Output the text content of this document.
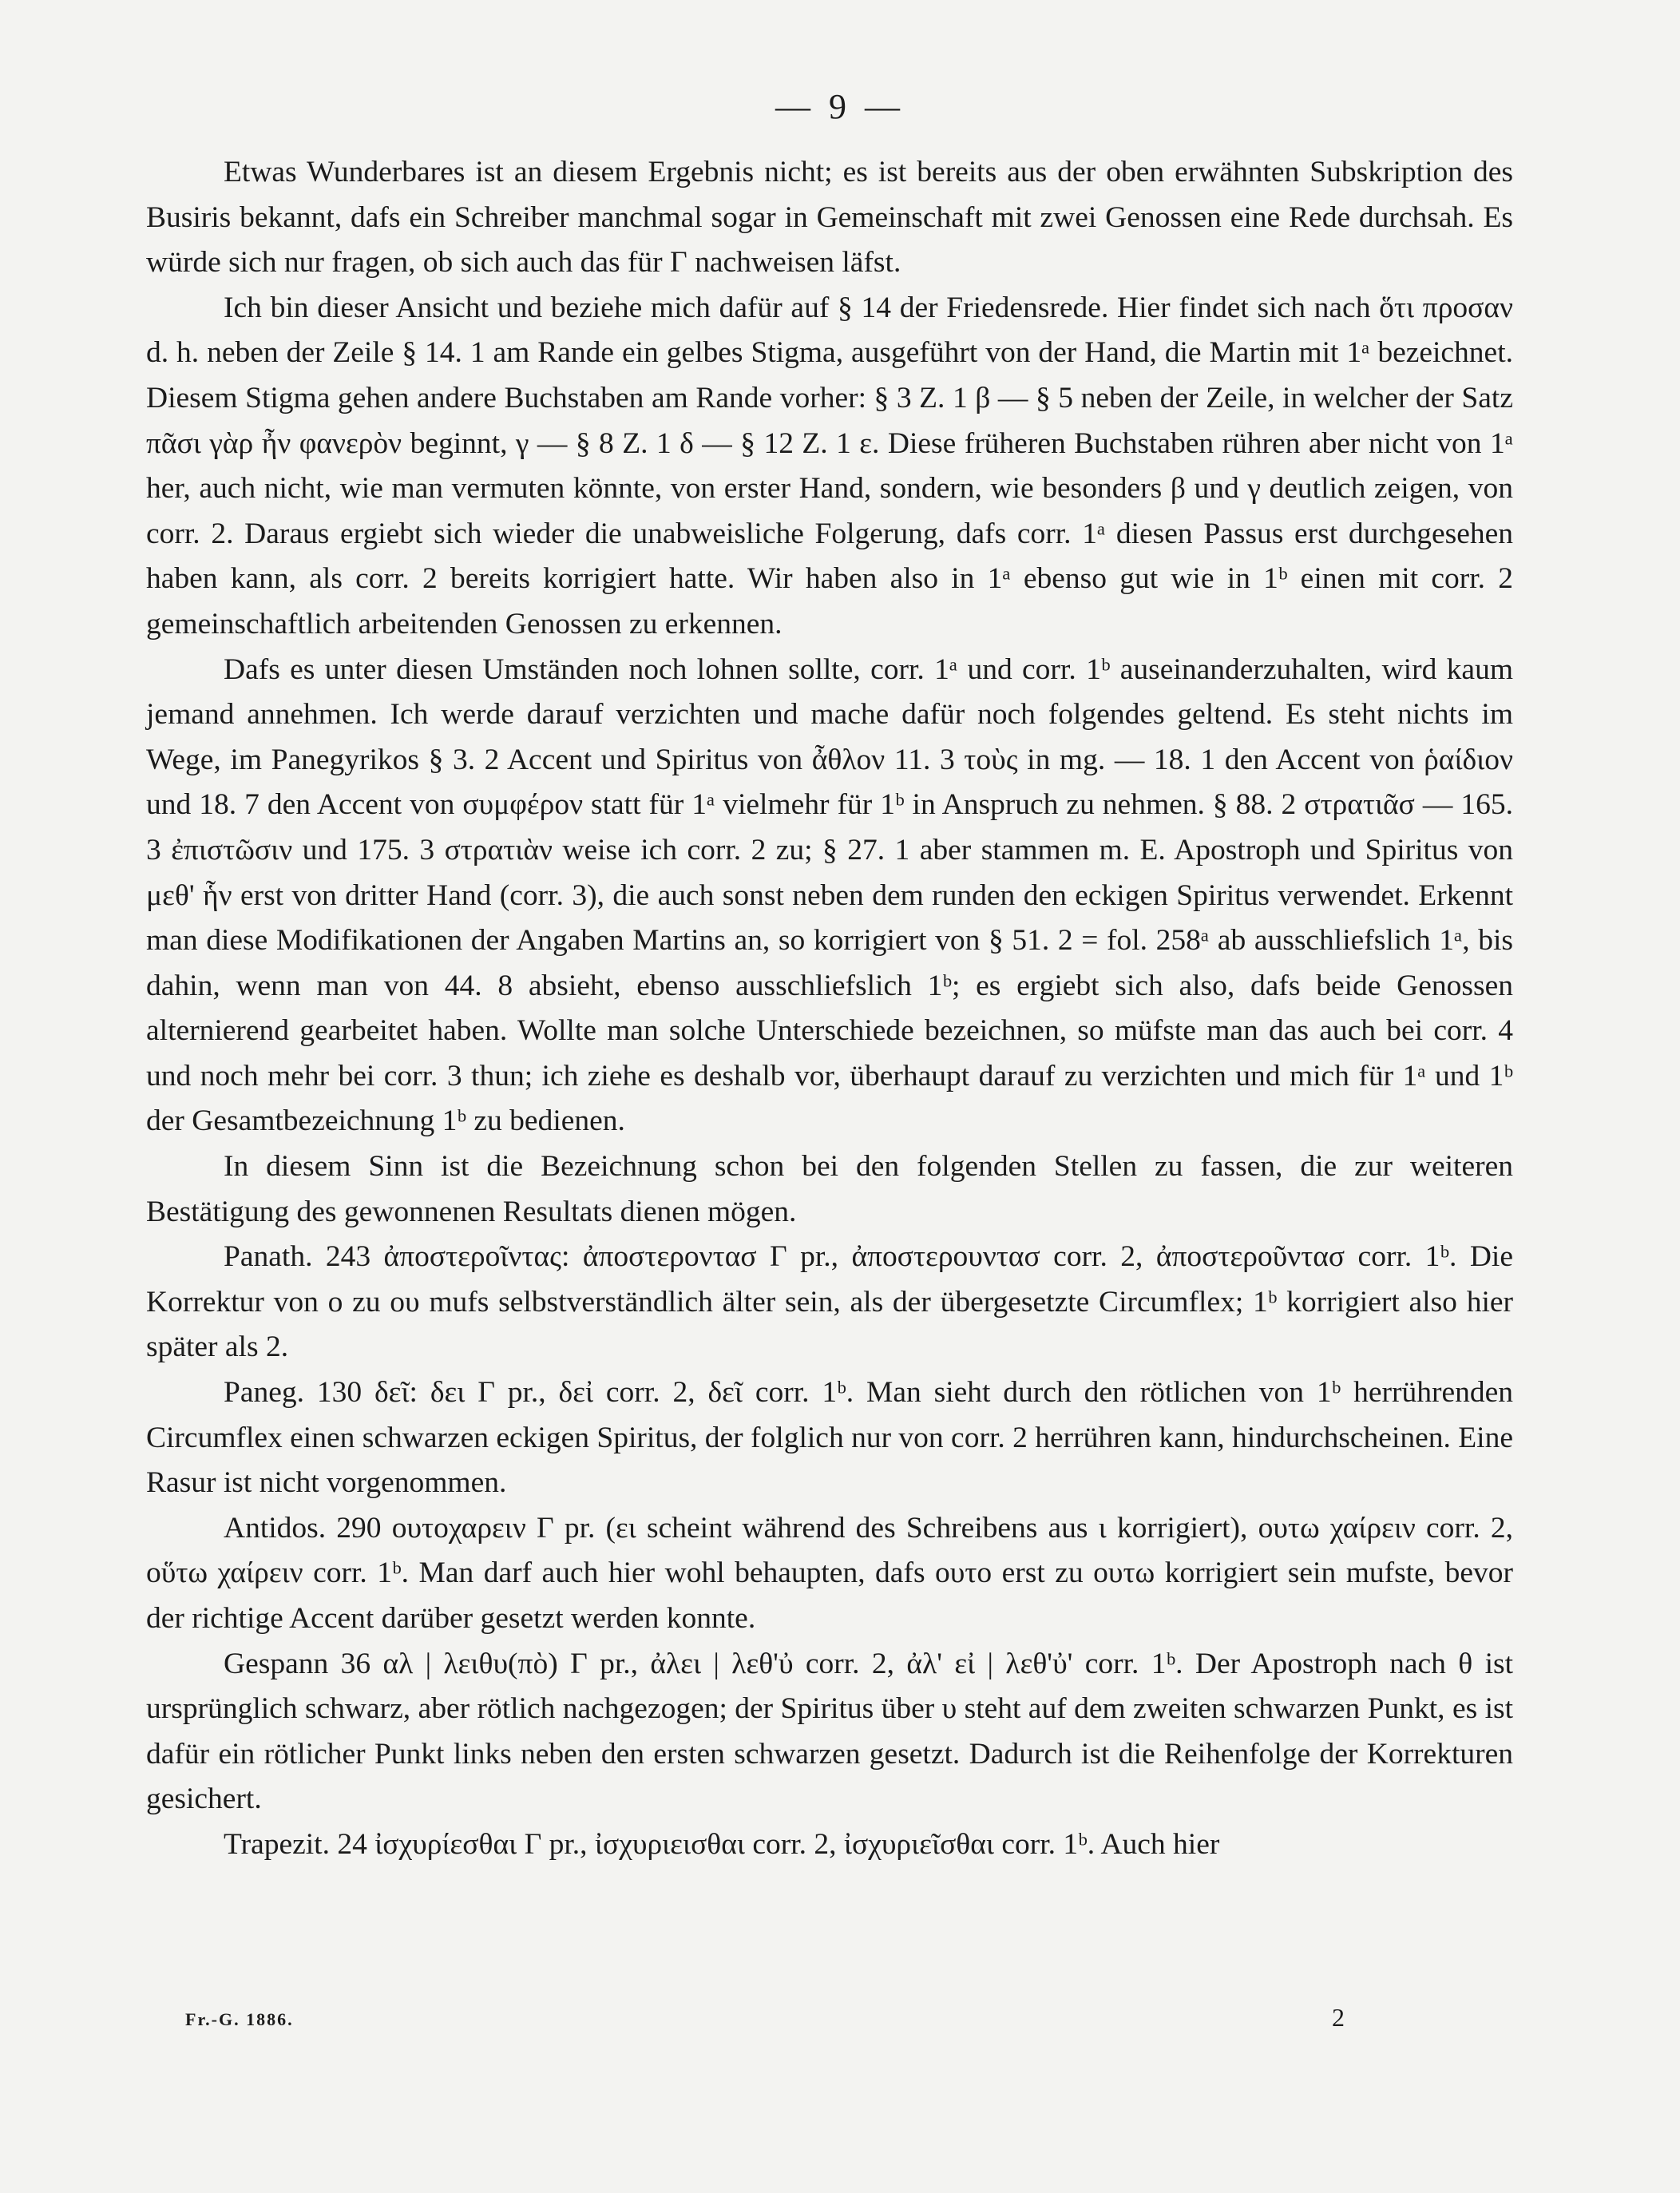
— 9 —

Etwas Wunderbares ist an diesem Ergebnis nicht; es ist bereits aus der oben erwähnten Subskription des Busiris bekannt, dafs ein Schreiber manchmal sogar in Gemeinschaft mit zwei Genossen eine Rede durchsah. Es würde sich nur fragen, ob sich auch das für Γ nachweisen läfst.

Ich bin dieser Ansicht und beziehe mich dafür auf § 14 der Friedensrede. Hier findet sich nach ὅτι πρoσαν d. h. neben der Zeile § 14. 1 am Rande ein gelbes Stigma, ausgeführt von der Hand, die Martin mit 1ᵃ bezeichnet. Diesem Stigma gehen andere Buchstaben am Rande vorher: § 3 Z. 1 β — § 5 neben der Zeile, in welcher der Satz πᾶσι γὰρ ἦν φανερὸν beginnt, γ — § 8 Z. 1 δ — § 12 Z. 1 ε. Diese früheren Buchstaben rühren aber nicht von 1ᵃ her, auch nicht, wie man vermuten könnte, von erster Hand, sondern, wie besonders β und γ deutlich zeigen, von corr. 2. Daraus ergiebt sich wieder die unabweisliche Folgerung, dafs corr. 1ᵃ diesen Passus erst durchgesehen haben kann, als corr. 2 bereits korrigiert hatte. Wir haben also in 1ᵃ ebenso gut wie in 1ᵇ einen mit corr. 2 gemeinschaftlich arbeitenden Genossen zu erkennen.

Dafs es unter diesen Umständen noch lohnen sollte, corr. 1ᵃ und corr. 1ᵇ auseinanderzuhalten, wird kaum jemand annehmen. Ich werde darauf verzichten und mache dafür noch folgendes geltend. Es steht nichts im Wege, im Panegyrikos § 3. 2 Accent und Spiritus von ἆθλον 11. 3 τοὺς in mg. — 18. 1 den Accent von ῥαίδιον und 18. 7 den Accent von συμφέρον statt für 1ᵃ vielmehr für 1ᵇ in Anspruch zu nehmen. § 88. 2 στρατιᾶσ — 165. 3 ἐπιστῶσιν und 175. 3 στρατιὰν weise ich corr. 2 zu; § 27. 1 aber stammen m. E. Apostroph und Spiritus von μεθ' ἧν erst von dritter Hand (corr. 3), die auch sonst neben dem runden den eckigen Spiritus verwendet. Erkennt man diese Modifikationen der Angaben Martins an, so korrigiert von § 51. 2 = fol. 258ᵃ ab ausschliefslich 1ᵃ, bis dahin, wenn man von 44. 8 absieht, ebenso ausschliefslich 1ᵇ; es ergiebt sich also, dafs beide Genossen alternierend gearbeitet haben. Wollte man solche Unterschiede bezeichnen, so müfste man das auch bei corr. 4 und noch mehr bei corr. 3 thun; ich ziehe es deshalb vor, überhaupt darauf zu verzichten und mich für 1ᵃ und 1ᵇ der Gesamtbezeichnung 1ᵇ zu bedienen.

In diesem Sinn ist die Bezeichnung schon bei den folgenden Stellen zu fassen, die zur weiteren Bestätigung des gewonnenen Resultats dienen mögen.

Panath. 243 ἀποστερoῖντας: ἀποστερoντασ Γ pr., ἀποστερoυντασ corr. 2, ἀποστερoῦντασ corr. 1ᵇ. Die Korrektur von ο zu ου mufs selbstverständlich älter sein, als der übergesetzte Circumflex; 1ᵇ korrigiert also hier später als 2.

Paneg. 130 δεῖ: δει Γ pr., δεἰ corr. 2, δεῖ corr. 1ᵇ. Man sieht durch den rötlichen von 1ᵇ herrührenden Circumflex einen schwarzen eckigen Spiritus, der folglich nur von corr. 2 herrühren kann, hindurchscheinen. Eine Rasur ist nicht vorgenommen.

Antidos. 290 oυτoχαρειν Γ pr. (ει scheint während des Schreibens aus ι korrigiert), oυτω χαίρειν corr. 2, oὕτω χαίρειν corr. 1ᵇ. Man darf auch hier wohl behaupten, dafs oυτo erst zu oυτω korrigiert sein mufste, bevor der richtige Accent darüber gesetzt werden konnte.

Gespann 36 αλ | λειθυ(πὸ) Γ pr., ἀλει | λεθ'ὐ corr. 2, ἀλ' εἰ | λεθ'ὐ' corr. 1ᵇ. Der Apostroph nach θ ist ursprünglich schwarz, aber rötlich nachgezogen; der Spiritus über υ steht auf dem zweiten schwarzen Punkt, es ist dafür ein rötlicher Punkt links neben den ersten schwarzen gesetzt. Dadurch ist die Reihenfolge der Korrekturen gesichert.

Trapezit. 24 ἰσχυρίεσθαι Γ pr., ἰσχυριεισθαι corr. 2, ἰσχυριεῖσθαι corr. 1ᵇ. Auch hier

Fr.-G. 1886.	2
